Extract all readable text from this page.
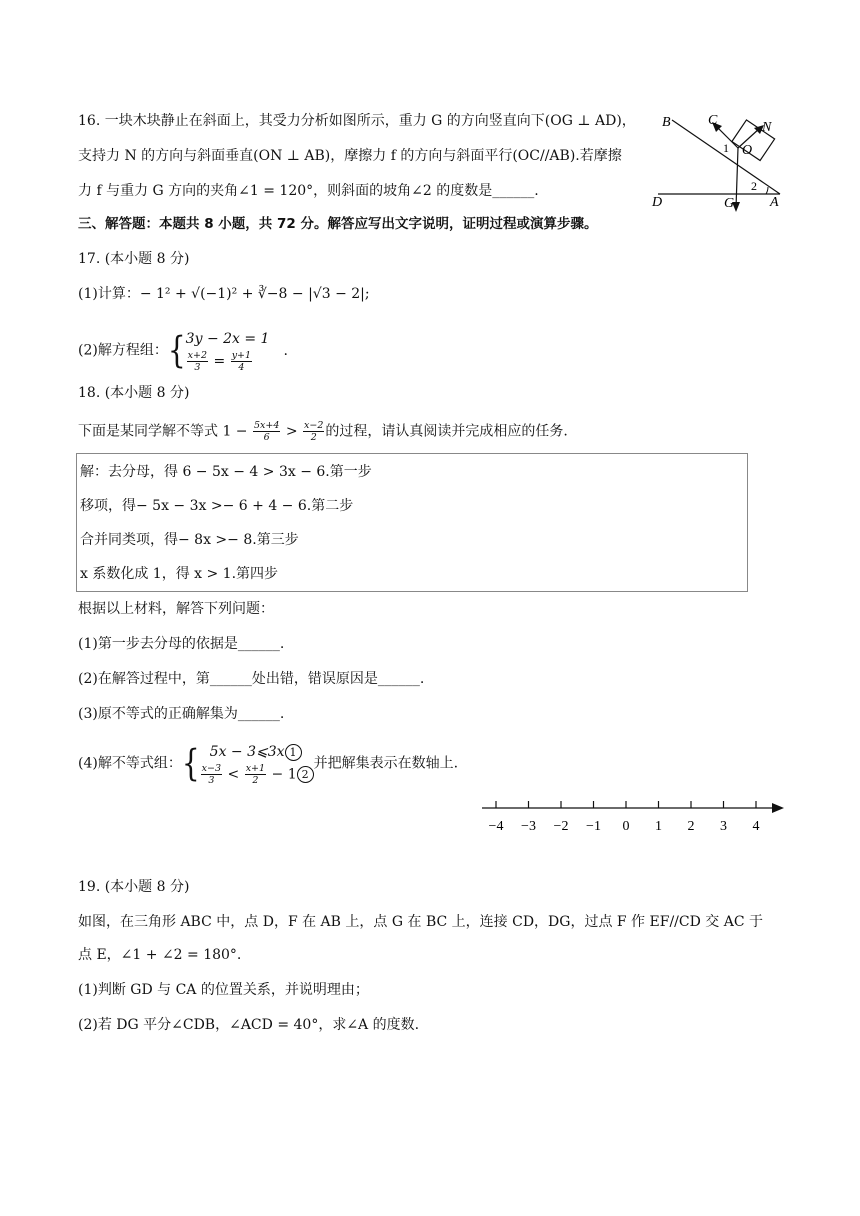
16. 一块木块静止在斜面上，其受力分析如图所示，重力 G 的方向竖直向下(OG ⊥ AD)，
支持力 N 的方向与斜面垂直(ON ⊥ AB)，摩擦力 f 的方向与斜面平行(OC//AB).若摩擦
力 f 与重力 G 方向的夹角∠1 = 120°，则斜面的坡角∠2 的度数是______.
B	C	N
O
1
2
D	G	A
三、解答题：本题共 8 小题，共 72 分。解答应写出文字说明，证明过程或演算步骤。
17. (本小题 8 分)
(1)计算：− 1² + √(−1)² + ∛−8 − |√3 − 2|;
(2)解方程组：{ 3y − 2x = 1
$\frac{x+2}{3} = \frac{y+1}{4}$ .
18. (本小题 8 分)
下面是某同学解不等式 $1 - \frac{5x+4}{6} > \frac{x-2}{2}$ 的过程，请认真阅读并完成相应的任务.
解：去分母，得 6 − 5x − 4 > 3x − 6.第一步
移项，得− 5x − 3x >− 6 + 4 − 6.第二步
合并同类项，得− 8x >− 8.第三步
x 系数化成 1，得 x > 1.第四步
根据以上材料，解答下列问题：
(1)第一步去分母的依据是______.
(2)在解答过程中，第______处出错，错误原因是______.
(3)原不等式的正确解集为______.
(4)解不等式组：{ 5x − 3⩽3x 1
$\frac{x-3}{3} < \frac{x+1}{2} - 1$ 2
并把解集表示在数轴上.
−4 −3 −2 −1 0 1 2 3 4
19. (本小题 8 分)
如图，在三角形 ABC 中，点 D，F 在 AB 上，点 G 在 BC 上，连接 CD，DG，过点 F 作 EF//CD 交 AC 于
点 E，∠1 + ∠2 = 180°.
(1)判断 GD 与 CA 的位置关系，并说明理由；
(2)若 DG 平分∠CDB，∠ACD = 40°，求∠A 的度数.
